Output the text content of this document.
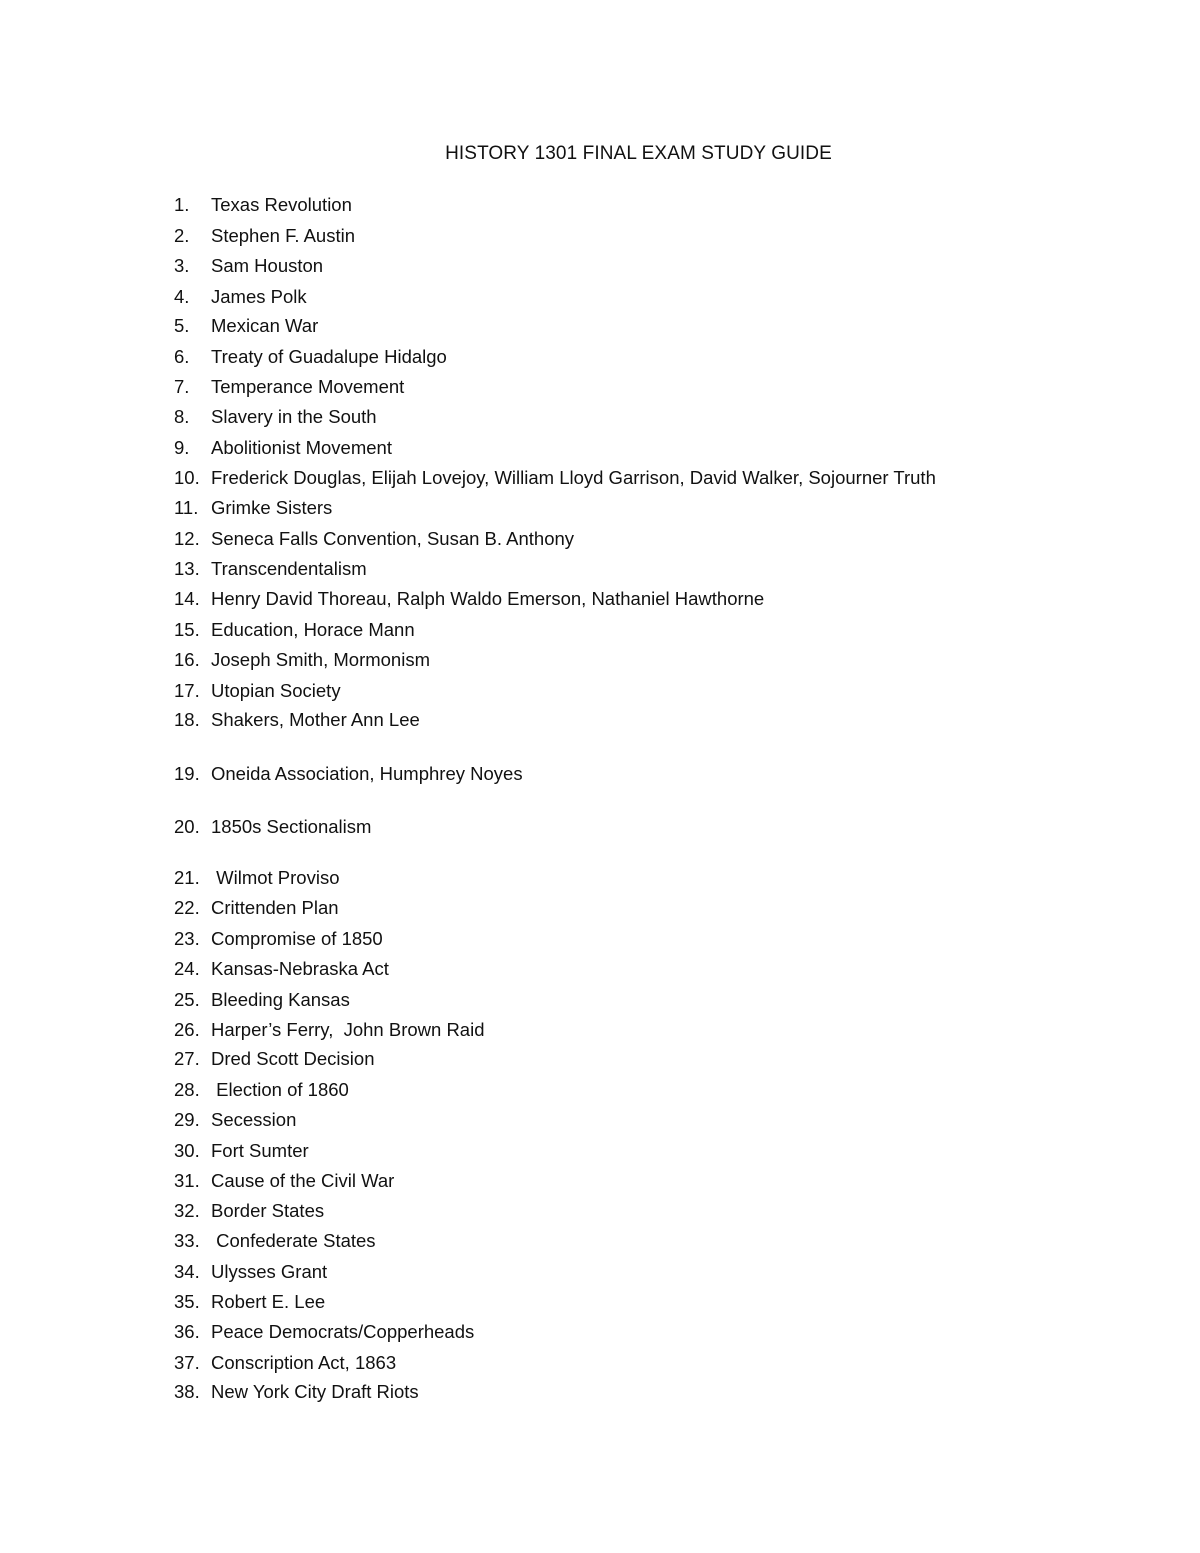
HISTORY 1301 FINAL EXAM STUDY GUIDE
1. Texas Revolution
2. Stephen F. Austin
3. Sam Houston
4. James Polk
5. Mexican War
6. Treaty of Guadalupe Hidalgo
7. Temperance Movement
8. Slavery in the South
9. Abolitionist Movement
10. Frederick Douglas, Elijah Lovejoy, William Lloyd Garrison, David Walker, Sojourner Truth
11. Grimke Sisters
12. Seneca Falls Convention, Susan B. Anthony
13. Transcendentalism
14. Henry David Thoreau, Ralph Waldo Emerson, Nathaniel Hawthorne
15. Education, Horace Mann
16. Joseph Smith, Mormonism
17. Utopian Society
18. Shakers, Mother Ann Lee
19. Oneida Association, Humphrey Noyes
20. 1850s Sectionalism
21. Wilmot Proviso
22. Crittenden Plan
23. Compromise of 1850
24. Kansas-Nebraska Act
25. Bleeding Kansas
26. Harper’s Ferry,  John Brown Raid
27. Dred Scott Decision
28. Election of 1860
29. Secession
30. Fort Sumter
31. Cause of the Civil War
32. Border States
33. Confederate States
34. Ulysses Grant
35. Robert E. Lee
36. Peace Democrats/Copperheads
37. Conscription Act, 1863
38. New York City Draft Riots
